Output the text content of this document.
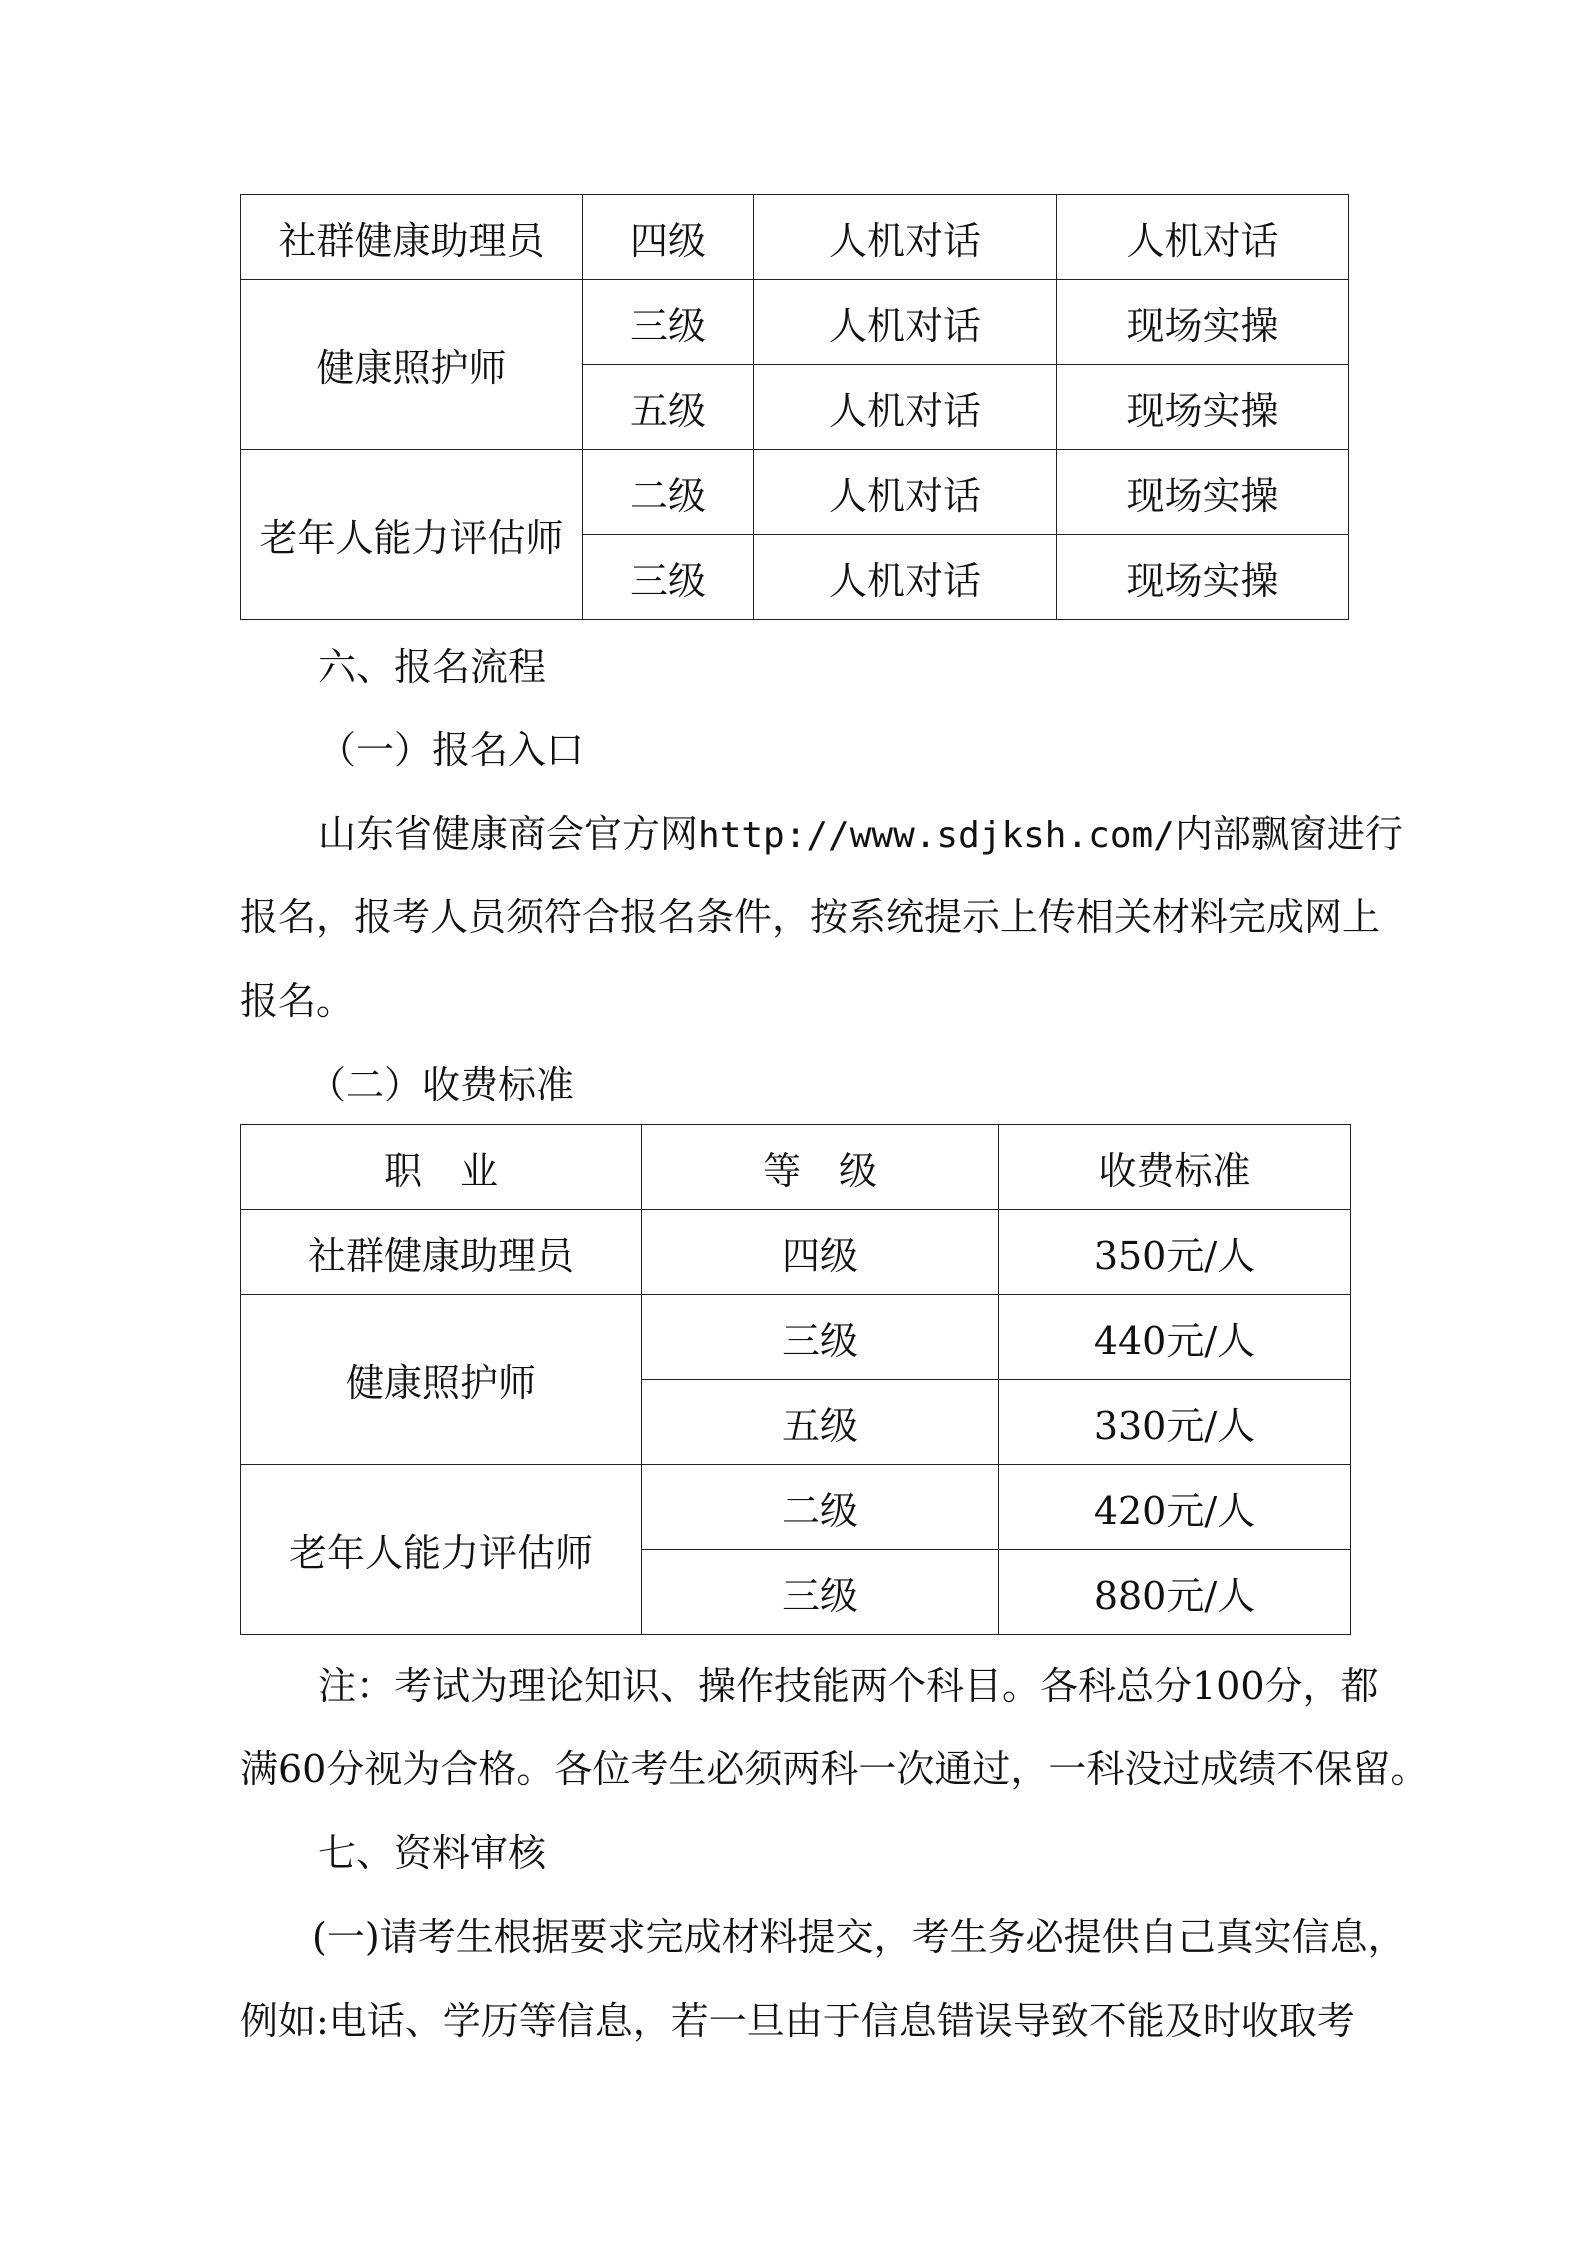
社群健康助理员	四级	人机对话	人机对话
健康照护师	三级	人机对话	现场实操
	五级	人机对话	现场实操
老年人能力评估师	二级	人机对话	现场实操
	三级	人机对话	现场实操

六、报名流程

（一）报名入口

山东省健康商会官方网http://www.sdjksh.com/内部飘窗进行

报名，报考人员须符合报名条件，按系统提示上传相关材料完成网上

报名。

（二）收费标准

职　业	等　级	收费标准
社群健康助理员	四级	350元/人
健康照护师	三级	440元/人
	五级	330元/人
老年人能力评估师	二级	420元/人
	三级	880元/人

注：考试为理论知识、操作技能两个科目。各科总分100分，都

满60分视为合格。各位考生必须两科一次通过，一科没过成绩不保留。

七、资料审核

(一)请考生根据要求完成材料提交，考生务必提供自己真实信息，

例如:电话、学历等信息，若一旦由于信息错误导致不能及时收取考
